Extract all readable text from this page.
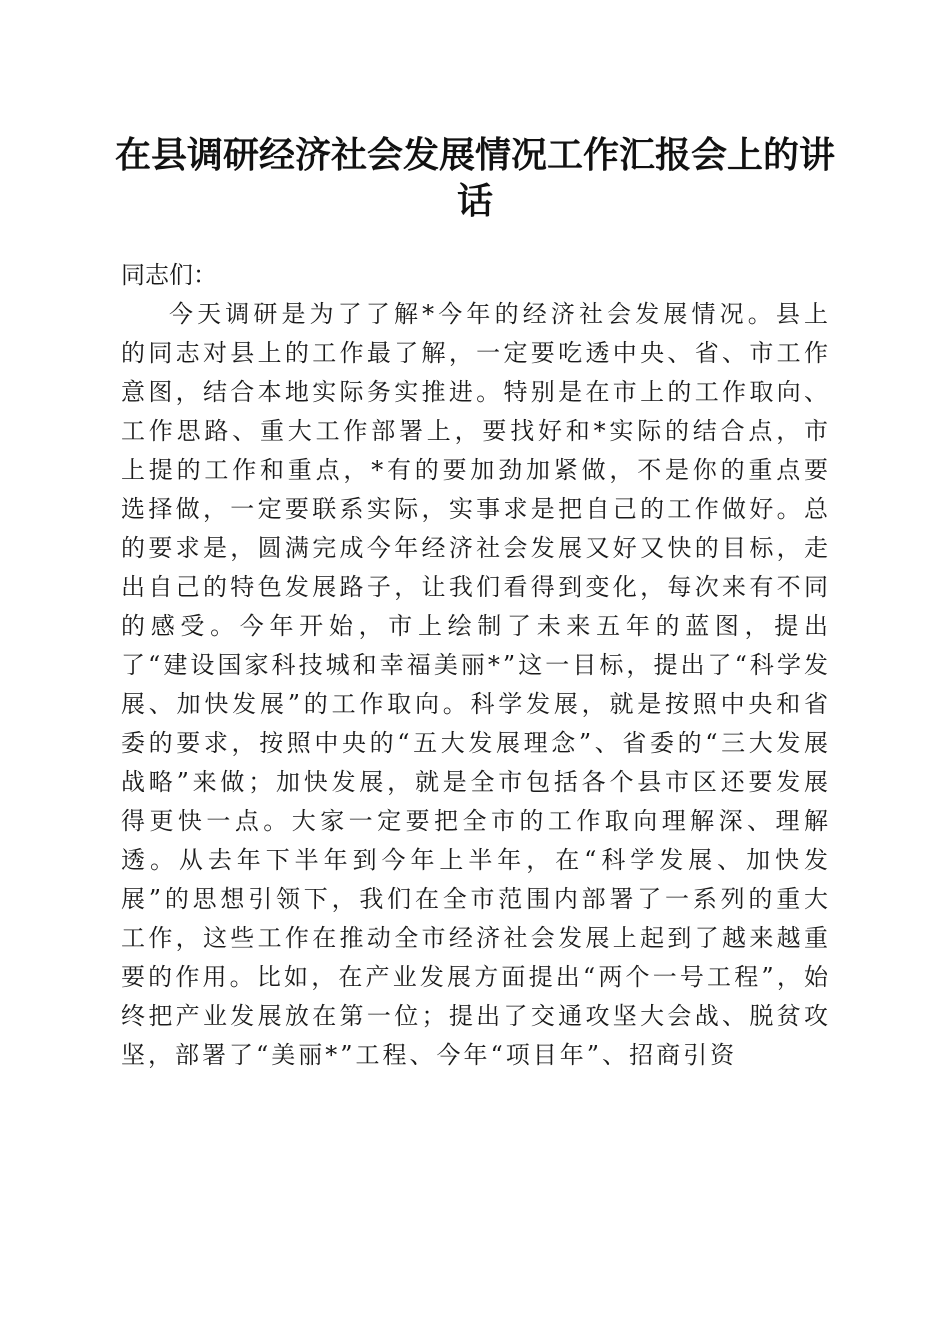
在县调研经济社会发展情况工作汇报会上的讲话

同志们：

今天调研是为了了解*今年的经济社会发展情况。县上的同志对县上的工作最了解，一定要吃透中央、省、市工作意图，结合本地实际务实推进。特别是在市上的工作取向、工作思路、重大工作部署上，要找好和*实际的结合点，市上提的工作和重点，*有的要加劲加紧做，不是你的重点要选择做，一定要联系实际，实事求是把自己的工作做好。总的要求是，圆满完成今年经济社会发展又好又快的目标，走出自己的特色发展路子，让我们看得到变化，每次来有不同的感受。今年开始，市上绘制了未来五年的蓝图，提出了“建设国家科技城和幸福美丽*”这一目标，提出了“科学发展、加快发展”的工作取向。科学发展，就是按照中央和省委的要求，按照中央的“五大发展理念”、省委的“三大发展战略”来做；加快发展，就是全市包括各个县市区还要发展得更快一点。大家一定要把全市的工作取向理解深、理解透。从去年下半年到今年上半年，在“科学发展、加快发展”的思想引领下，我们在全市范围内部署了一系列的重大工作，这些工作在推动全市经济社会发展上起到了越来越重要的作用。比如，在产业发展方面提出“两个一号工程”，始终把产业发展放在第一位；提出了交通攻坚大会战、脱贫攻坚，部署了“美丽*”工程、今年“项目年”、招商引资
